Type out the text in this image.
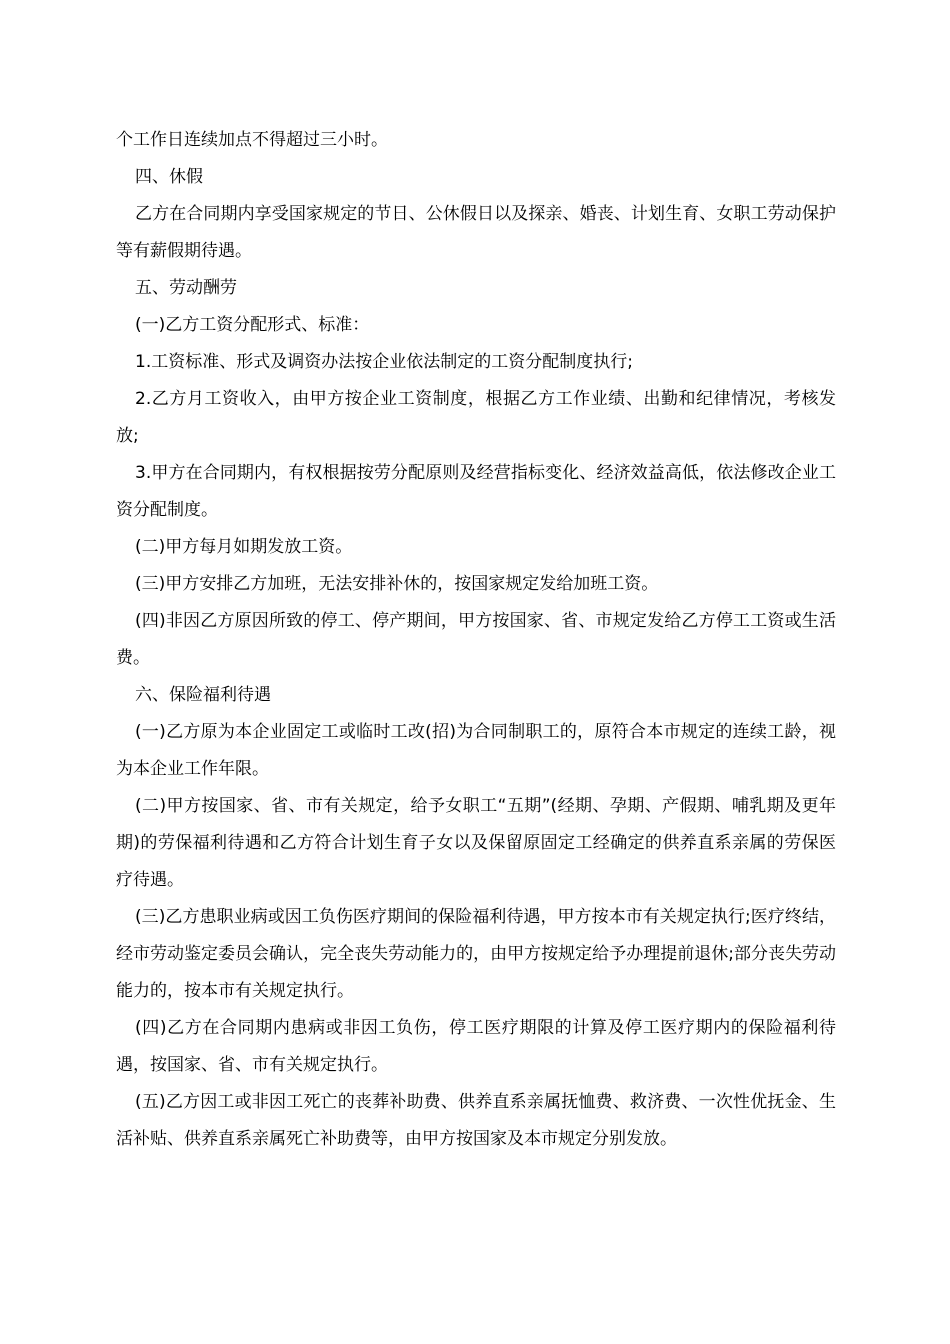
个工作日连续加点不得超过三小时。

四、休假

乙方在合同期内享受国家规定的节日、公休假日以及探亲、婚丧、计划生育、女职工劳动保护等有薪假期待遇。

五、劳动酬劳

(一)乙方工资分配形式、标准：

1.工资标准、形式及调资办法按企业依法制定的工资分配制度执行;

2.乙方月工资收入，由甲方按企业工资制度，根据乙方工作业绩、出勤和纪律情况，考核发放;

3.甲方在合同期内，有权根据按劳分配原则及经营指标变化、经济效益高低，依法修改企业工资分配制度。

(二)甲方每月如期发放工资。

(三)甲方安排乙方加班，无法安排补休的，按国家规定发给加班工资。

(四)非因乙方原因所致的停工、停产期间，甲方按国家、省、市规定发给乙方停工工资或生活费。

六、保险福利待遇

(一)乙方原为本企业固定工或临时工改(招)为合同制职工的，原符合本市规定的连续工龄，视为本企业工作年限。

(二)甲方按国家、省、市有关规定，给予女职工“五期”(经期、孕期、产假期、哺乳期及更年期)的劳保福利待遇和乙方符合计划生育子女以及保留原固定工经确定的供养直系亲属的劳保医疗待遇。

(三)乙方患职业病或因工负伤医疗期间的保险福利待遇，甲方按本市有关规定执行;医疗终结，经市劳动鉴定委员会确认，完全丧失劳动能力的，由甲方按规定给予办理提前退休;部分丧失劳动能力的，按本市有关规定执行。

(四)乙方在合同期内患病或非因工负伤，停工医疗期限的计算及停工医疗期内的保险福利待遇，按国家、省、市有关规定执行。

(五)乙方因工或非因工死亡的丧葬补助费、供养直系亲属抚恤费、救济费、一次性优抚金、生活补贴、供养直系亲属死亡补助费等，由甲方按国家及本市规定分别发放。
